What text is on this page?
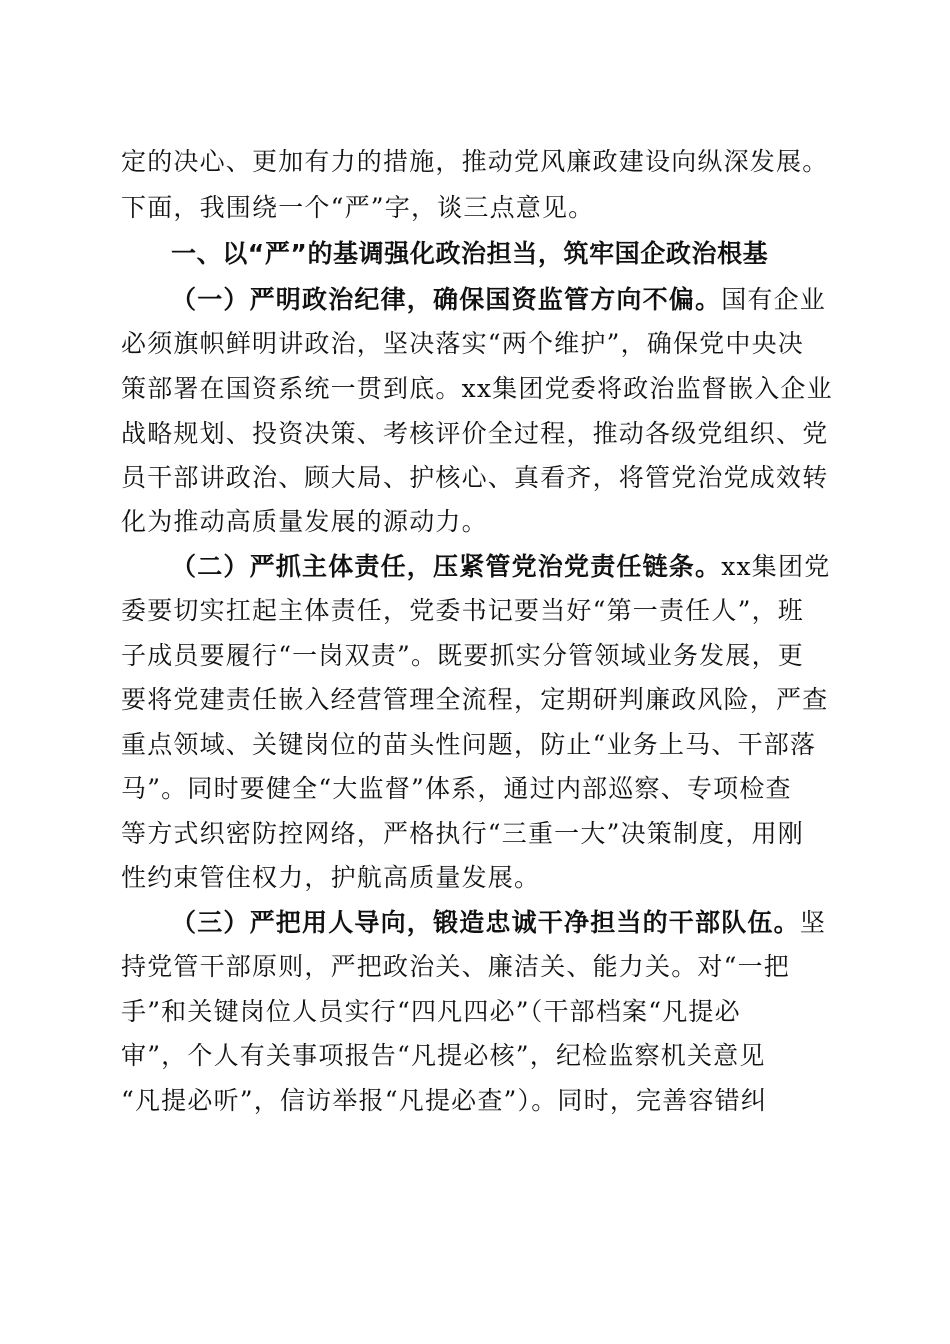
定的决心、更加有力的措施，推动党风廉政建设向纵深发展。
下面，我围绕一个“严”字，谈三点意见。
一、以“严”的基调强化政治担当，筑牢国企政治根基
（一）严明政治纪律，确保国资监管方向不偏。国有企业
必须旗帜鲜明讲政治，坚决落实“两个维护”，确保党中央决
策部署在国资系统一贯到底。xx集团党委将政治监督嵌入企业
战略规划、投资决策、考核评价全过程，推动各级党组织、党
员干部讲政治、顾大局、护核心、真看齐，将管党治党成效转
化为推动高质量发展的源动力。
（二）严抓主体责任，压紧管党治党责任链条。xx集团党
委要切实扛起主体责任，党委书记要当好“第一责任人”，班
子成员要履行“一岗双责”。既要抓实分管领域业务发展，更
要将党建责任嵌入经营管理全流程，定期研判廉政风险，严查
重点领域、关键岗位的苗头性问题，防止“业务上马、干部落
马”。同时要健全“大监督”体系，通过内部巡察、专项检查
等方式织密防控网络，严格执行“三重一大”决策制度，用刚
性约束管住权力，护航高质量发展。
（三）严把用人导向，锻造忠诚干净担当的干部队伍。坚
持党管干部原则，严把政治关、廉洁关、能力关。对“一把
手”和关键岗位人员实行“四凡四必”（干部档案“凡提必
审”，个人有关事项报告“凡提必核”，纪检监察机关意见
“凡提必听”，信访举报“凡提必查”）。同时，完善容错纠
